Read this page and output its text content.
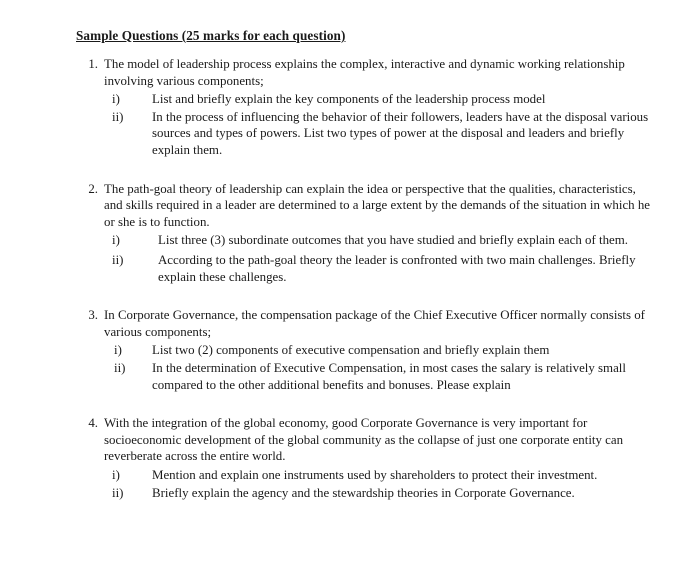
Sample Questions (25 marks for each question)
1. The model of leadership process explains the complex, interactive and dynamic working relationship involving various components;

i)	List and briefly explain the key components of the leadership process model
ii)	In the process of influencing the behavior of their followers, leaders have at the disposal various sources and types of powers. List two types of power at the disposal and leaders and briefly explain them.
2. The path-goal theory of leadership can explain the idea or perspective that the qualities, characteristics, and skills required in a leader are determined to a large extent by the demands of the situation in which he or she is to function.

i)	List three (3) subordinate outcomes that you have studied and briefly explain each of them.
ii)	According to the path-goal theory the leader is confronted with two main challenges. Briefly explain these challenges.
3. In Corporate Governance, the compensation package of the Chief Executive Officer normally consists of various components;

i)	List two (2) components of executive compensation and briefly explain them
ii)	In the determination of Executive Compensation, in most cases the salary is relatively small compared to the other additional benefits and bonuses. Please explain
4. With the integration of the global economy, good Corporate Governance is very important for socioeconomic development of the global community as the collapse of just one corporate entity can reverberate across the entire world.

i)	Mention and explain one instruments used by shareholders to protect their investment.
ii)	Briefly explain the agency and the stewardship theories in Corporate Governance.
